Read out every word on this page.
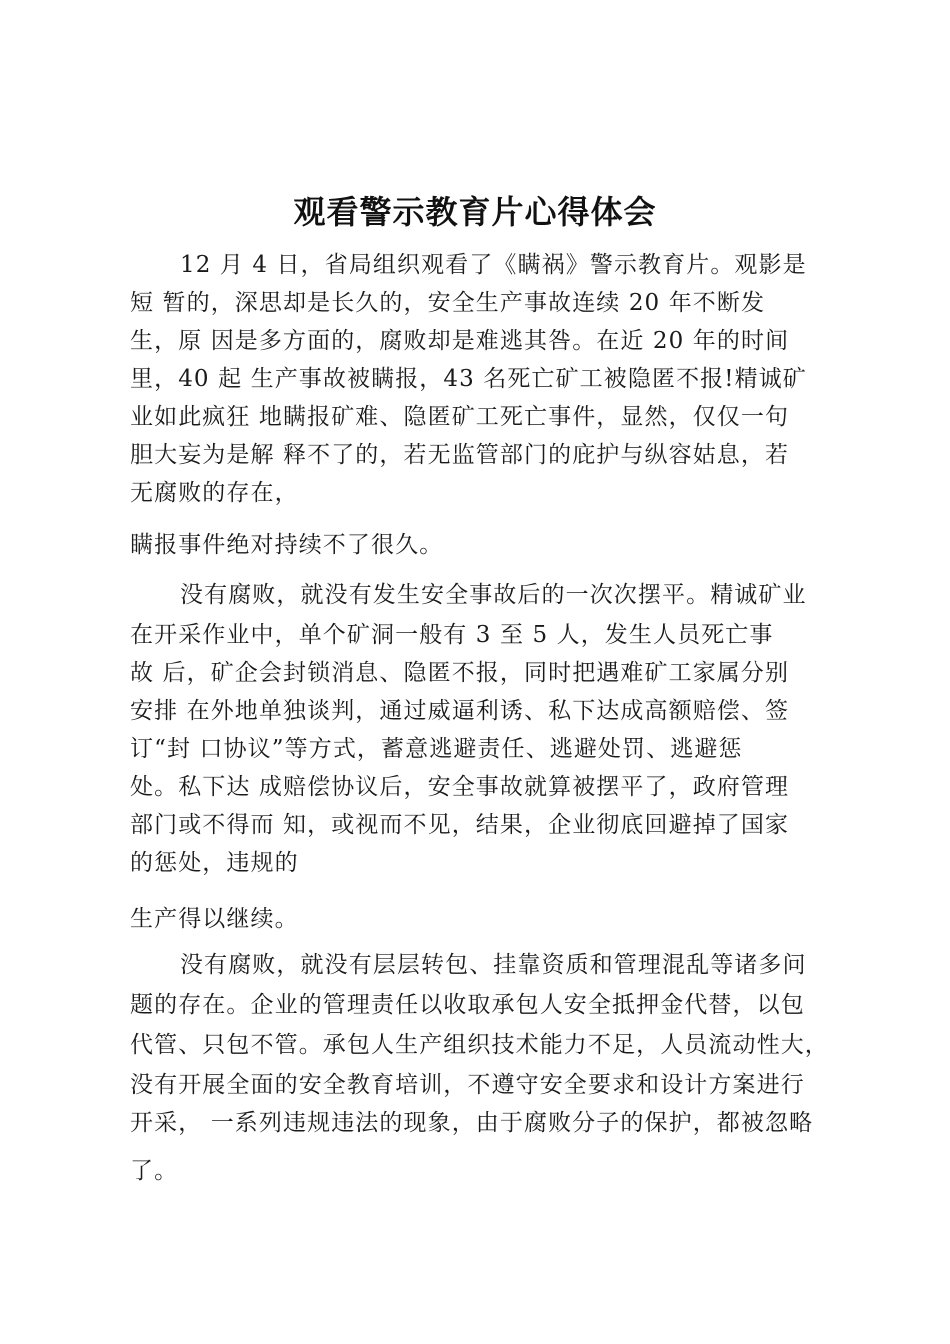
观看警示教育片心得体会
12 月 4 日，省局组织观看了《瞒祸》警示教育片。观影是
短 暂的，深思却是长久的，安全生产事故连续 20 年不断发
生，原 因是多方面的，腐败却是难逃其咎。在近 20 年的时间
里，40 起 生产事故被瞒报，43 名死亡矿工被隐匿不报!精诚矿
业如此疯狂 地瞒报矿难、隐匿矿工死亡事件，显然，仅仅一句
胆大妄为是解 释不了的，若无监管部门的庇护与纵容姑息，若
无腐败的存在，
瞒报事件绝对持续不了很久。
没有腐败，就没有发生安全事故后的一次次摆平。精诚矿业
在开采作业中，单个矿洞一般有 3 至 5 人，发生人员死亡事
故 后，矿企会封锁消息、隐匿不报，同时把遇难矿工家属分别
安排 在外地单独谈判，通过威逼利诱、私下达成高额赔偿、签
订“封 口协议”等方式，蓄意逃避责任、逃避处罚、逃避惩
处。私下达 成赔偿协议后，安全事故就算被摆平了，政府管理
部门或不得而 知，或视而不见，结果，企业彻底回避掉了国家
的惩处，违规的
生产得以继续。
没有腐败，就没有层层转包、挂靠资质和管理混乱等诸多问
题的存在。企业的管理责任以收取承包人安全抵押金代替，以包
代管、只包不管。承包人生产组织技术能力不足，人员流动性大，
没有开展全面的安全教育培训，不遵守安全要求和设计方案进行
开采， 一系列违规违法的现象，由于腐败分子的保护，都被忽略
了。
